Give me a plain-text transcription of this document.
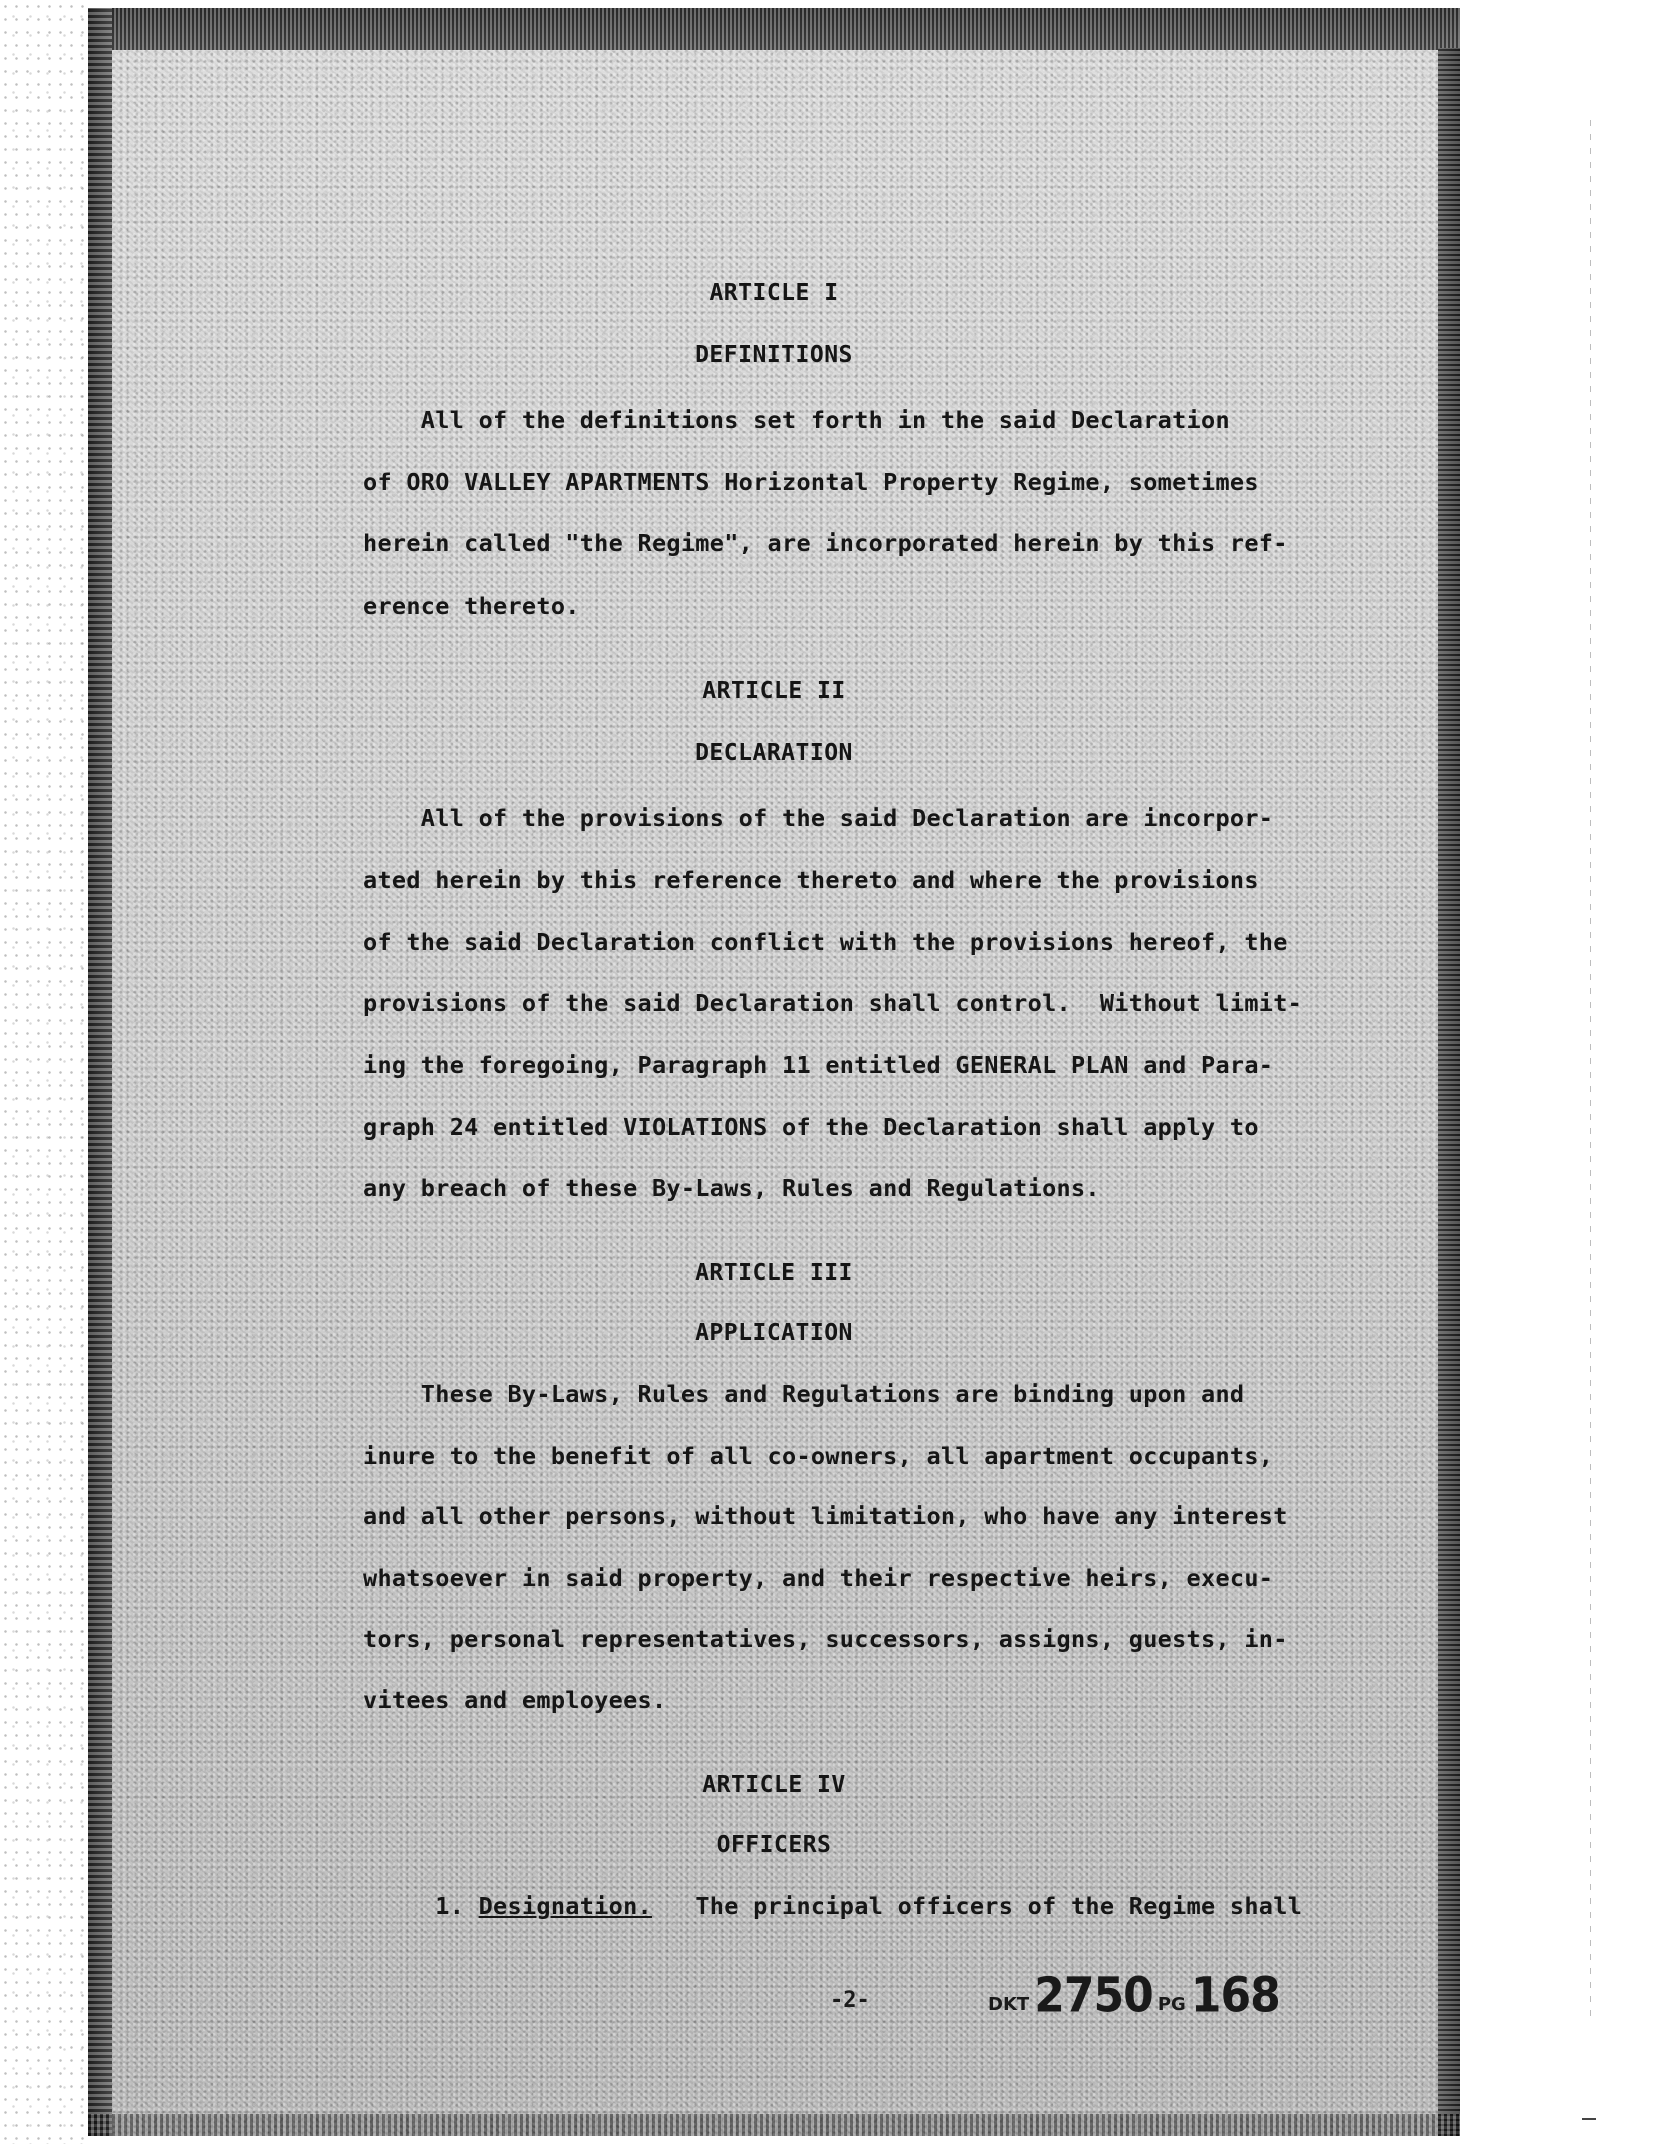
ARTICLE I
DEFINITIONS
All of the definitions set forth in the said Declaration
of ORO VALLEY APARTMENTS Horizontal Property Regime, sometimes
herein called "the Regime", are incorporated herein by this ref-
erence thereto.
ARTICLE II
DECLARATION
All of the provisions of the said Declaration are incorpor-
ated herein by this reference thereto and where the provisions
of the said Declaration conflict with the provisions hereof, the
provisions of the said Declaration shall control.  Without limit-
ing the foregoing, Paragraph 11 entitled GENERAL PLAN and Para-
graph 24 entitled VIOLATIONS of the Declaration shall apply to
any breach of these By-Laws, Rules and Regulations.
ARTICLE III
APPLICATION
These By-Laws, Rules and Regulations are binding upon and
inure to the benefit of all co-owners, all apartment occupants,
and all other persons, without limitation, who have any interest
whatsoever in said property, and their respective heirs, execu-
tors, personal representatives, successors, assigns, guests, in-
vitees and employees.
ARTICLE IV
OFFICERS
1. Designation.   The principal officers of the Regime shall
-2-	DKT 2750 PG 168
